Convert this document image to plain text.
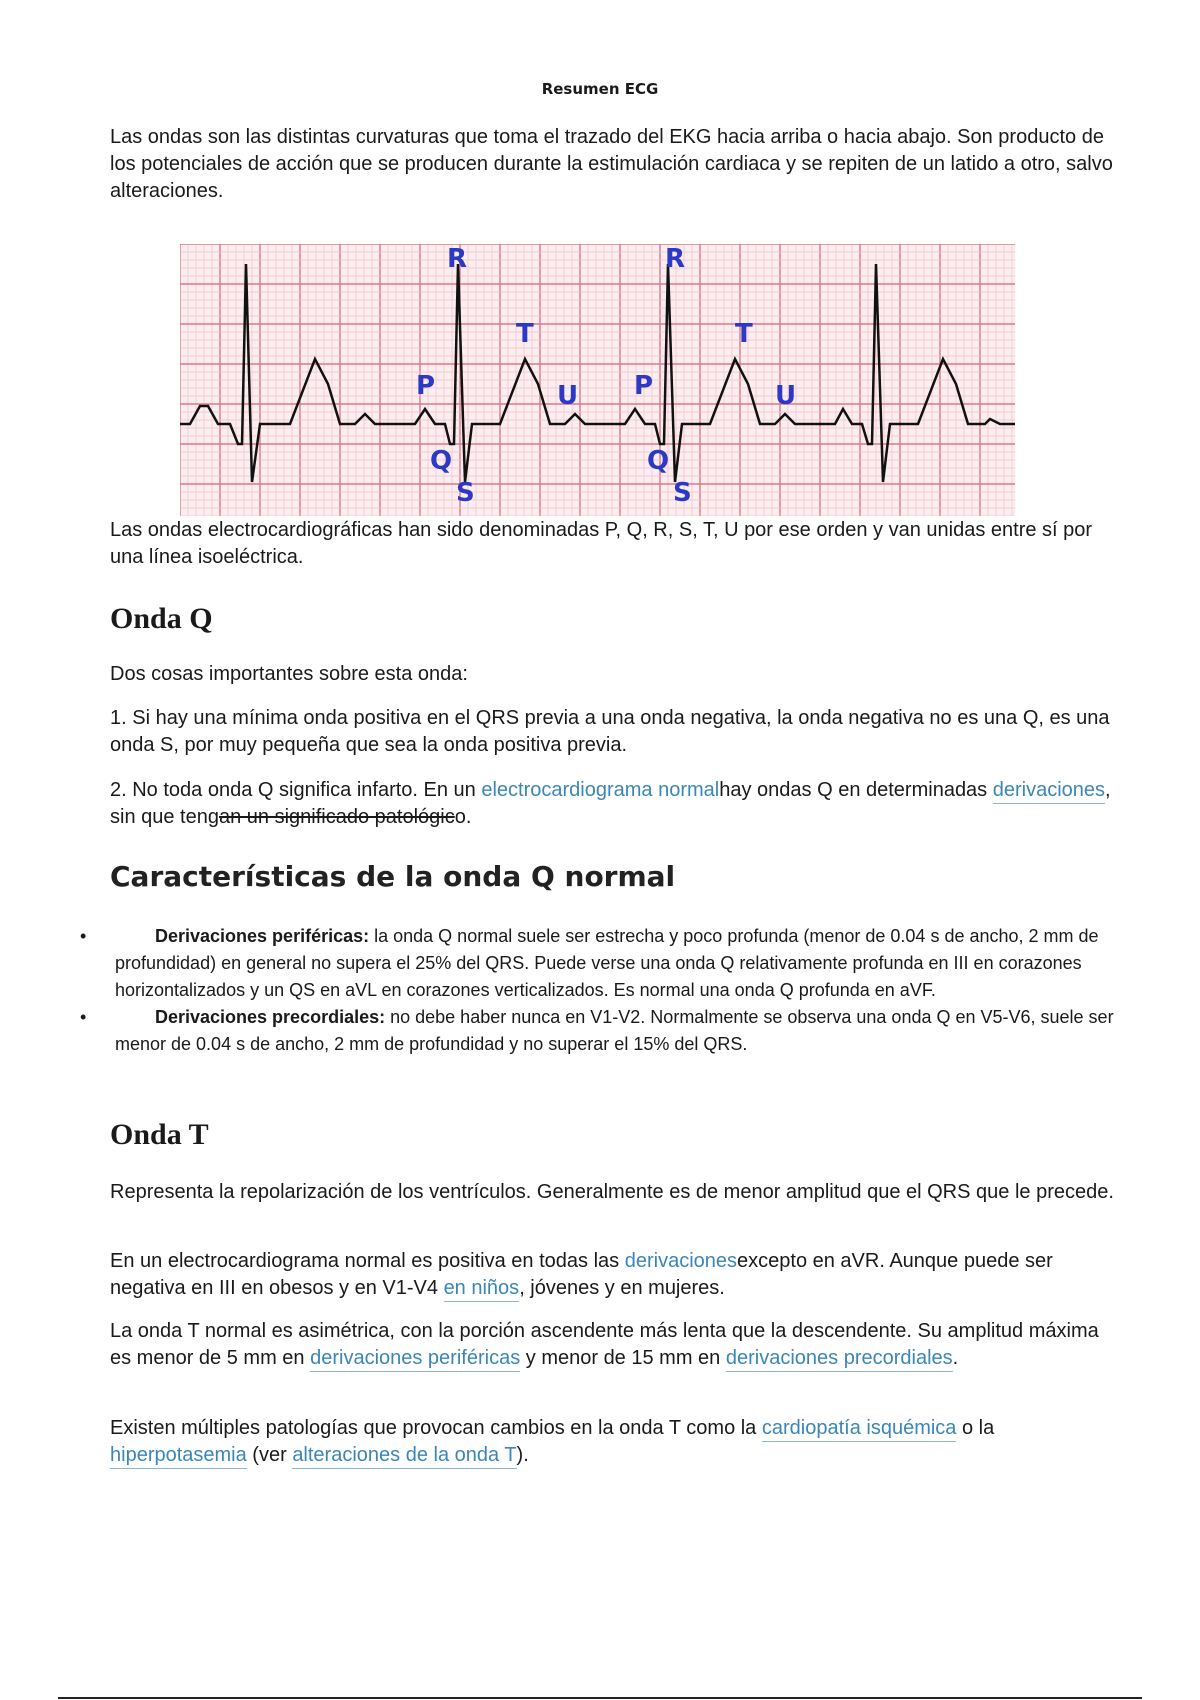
Resumen ECG

Las ondas son las distintas curvaturas que toma el trazado del EKG hacia arriba o hacia abajo. Son producto de los potenciales de acción que se producen durante la estimulación cardiaca y se repiten de un latido a otro, salvo alteraciones.

R
T
P	U
Q
S
R
T
P	U
Q
S

Las ondas electrocardiográficas han sido denominadas P, Q, R, S, T, U por ese orden y van unidas entre sí por una línea isoeléctrica.

Onda Q

Dos cosas importantes sobre esta onda:

1. Si hay una mínima onda positiva en el QRS previa a una onda negativa, la onda negativa no es una Q, es una onda S, por muy pequeña que sea la onda positiva previa.

2. No toda onda Q significa infarto. En un electrocardiograma normalhay ondas Q en determinadas derivaciones, sin que tengan un significado patológico.

Características de la onda Q normal

•	Derivaciones periféricas: la onda Q normal suele ser estrecha y poco profunda (menor de 0.04 s de ancho, 2 mm de profundidad) en general no supera el 25% del QRS. Puede verse una onda Q relativamente profunda en III en corazones horizontalizados y un QS en aVL en corazones verticalizados. Es normal una onda Q profunda en aVF.

•	Derivaciones precordiales: no debe haber nunca en V1-V2. Normalmente se observa una onda Q en V5-V6, suele ser menor de 0.04 s de ancho, 2 mm de profundidad y no superar el 15% del QRS.

Onda T

Representa la repolarización de los ventrículos. Generalmente es de menor amplitud que el QRS que le precede.

En un electrocardiograma normal es positiva en todas las derivacionesexcepto en aVR. Aunque puede ser negativa en III en obesos y en V1-V4 en niños, jóvenes y en mujeres.

La onda T normal es asimétrica, con la porción ascendente más lenta que la descendente. Su amplitud máxima es menor de 5 mm en derivaciones periféricas y menor de 15 mm en derivaciones precordiales.

Existen múltiples patologías que provocan cambios en la onda T como la cardiopatía isquémica o la hiperpotasemia (ver alteraciones de la onda T).
